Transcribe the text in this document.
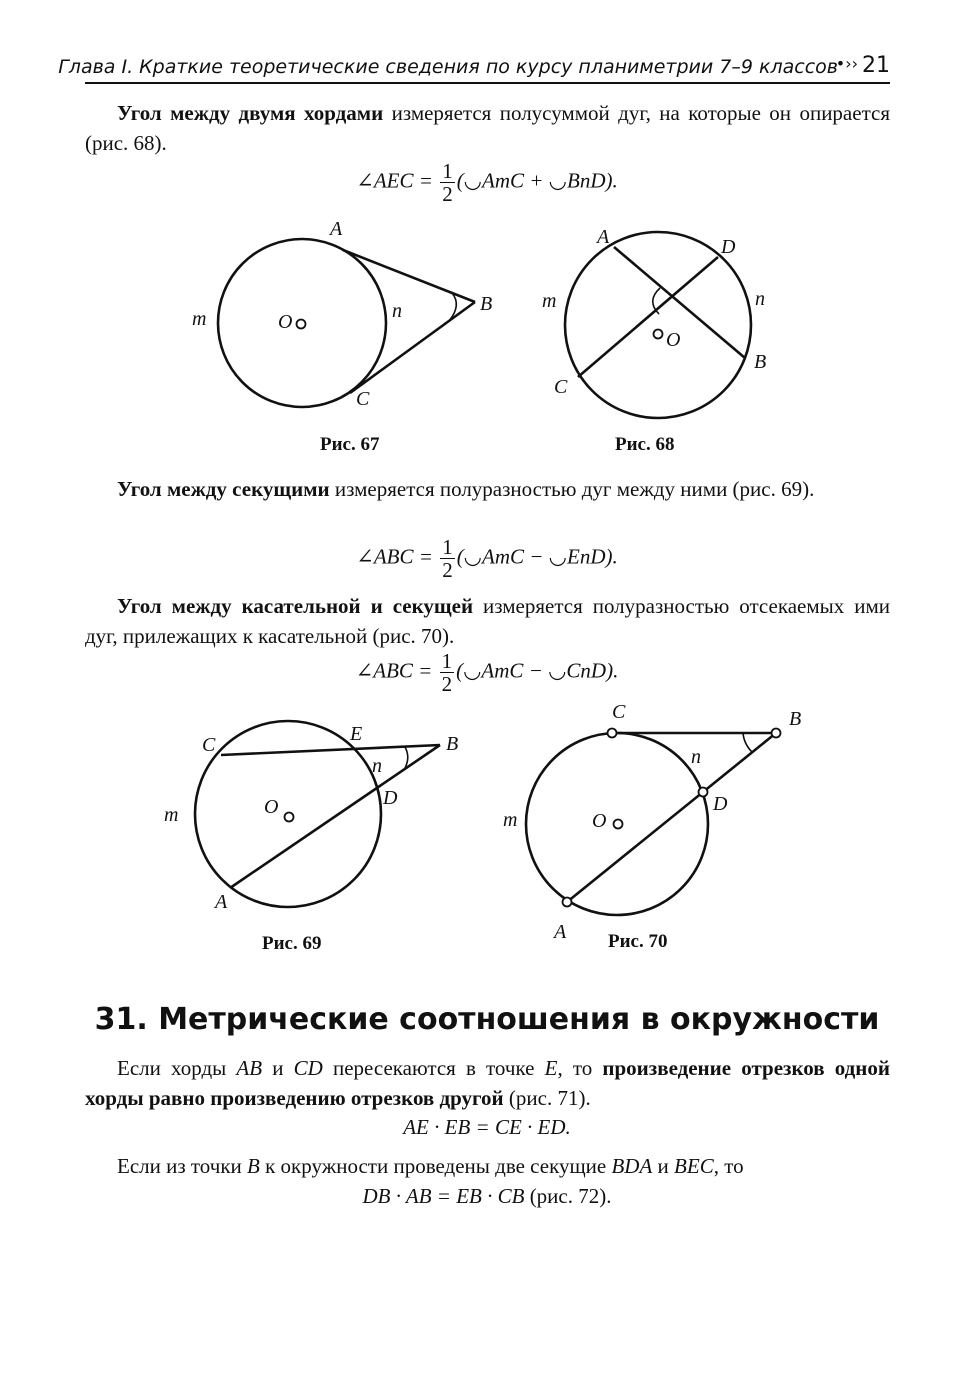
Глава I. Краткие теоретические сведения по курсу планиметрии 7–9 классов
•›› 21
Угол между двумя хордами измеряется полусуммой дуг, на которые он опирается (рис. 68).
∠AEC = $\frac{1}{2}$ (◡AmC + ◡BnD).
A
B
C
O
m	n
Рис. 67
A	D
m	n
O
B
C
Рис. 68
Угол между секущими измеряется полуразностью дуг между ними (рис. 69).
∠ABC = $\frac{1}{2}$ (◡AmC − ◡EnD).
Угол между касательной и секущей измеряется полуразностью отсекаемых ими дуг, прилежащих к касательной (рис. 70).
∠ABC = $\frac{1}{2}$ (◡AmC − ◡CnD).
C	E	B
n
D
m	O
A
Рис. 69
C	B
n
D
m	O
A Рис. 70
31. Метрические соотношения в окружности
Если хорды AB и CD пересекаются в точке E, то произведение отрезков одной хорды равно произведению отрезков другой (рис. 71).
AE · EB = CE · ED.
Если из точки B к окружности проведены две секущие BDA и BEC, то
DB · AB = EB · CB (рис. 72).
